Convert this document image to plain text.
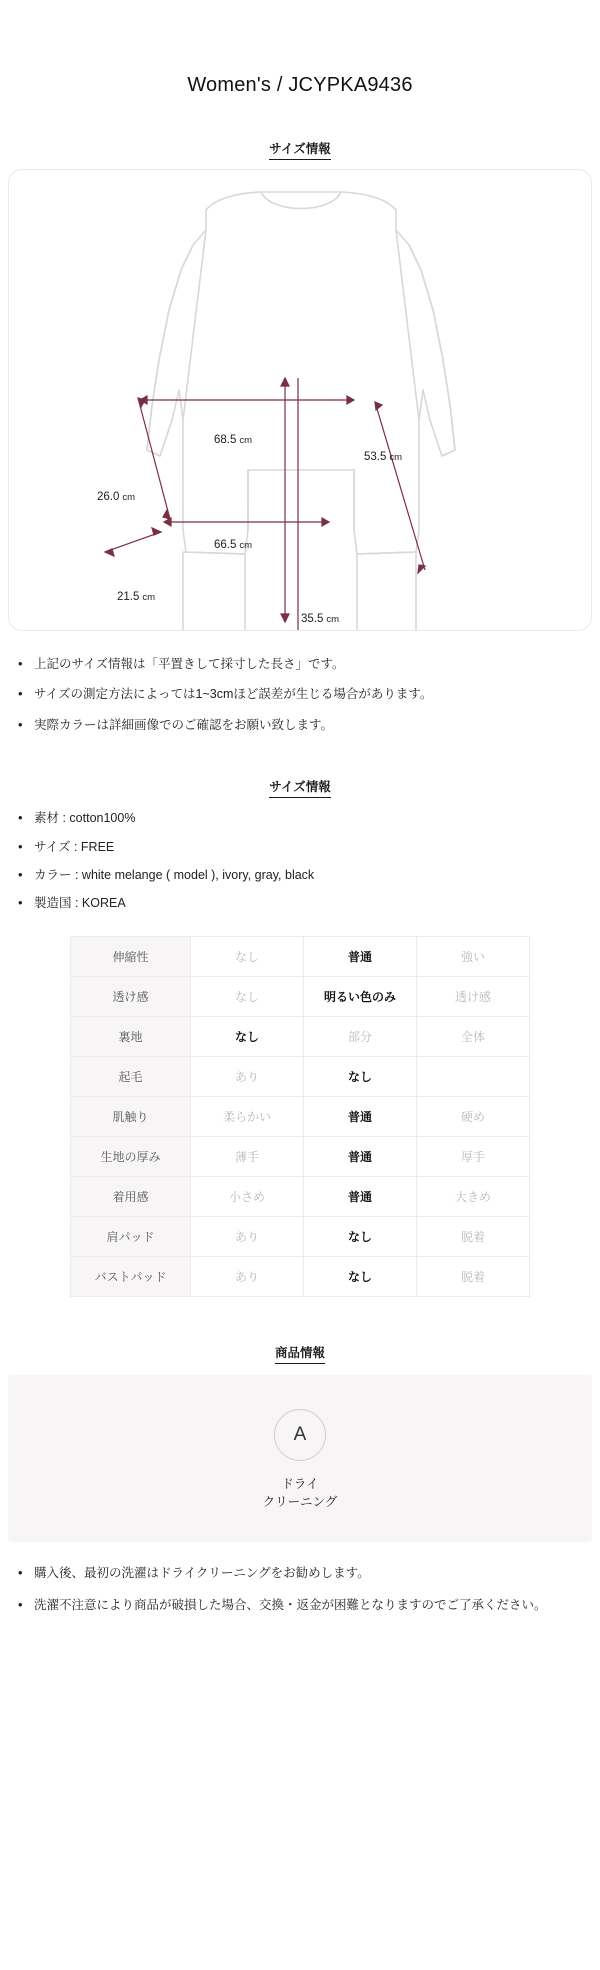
Women's / JCYPKA9436
サイズ情報
68.5 cm
53.5 cm
26.0 cm
66.5 cm
21.5 cm
35.5 cm
• 上記のサイズ情報は「平置きして採寸した長さ」です。
• サイズの測定方法によっては1~3cmほど誤差が生じる場合があります。
• 実際カラーは詳細画像でのご確認をお願い致します。
サイズ情報
• 素材 : cotton100%
• サイズ : FREE
• カラー : white melange ( model ), ivory, gray, black
• 製造国 : KOREA
伸縮性	なし	普通	強い
透け感	なし	明るい色のみ	透け感
裏地	なし	部分	全体
起毛	あり	なし	
肌触り	柔らかい	普通	硬め
生地の厚み	薄手	普通	厚手
着用感	小さめ	普通	大きめ
肩パッド	あり	なし	脱着
バストパッド	あり	なし	脱着
商品情報
A
ドライ
クリーニング
• 購入後、最初の洗濯はドライクリーニングをお勧めします。
• 洗濯不注意により商品が破損した場合、交換・返金が困難となりますのでご了承ください。
